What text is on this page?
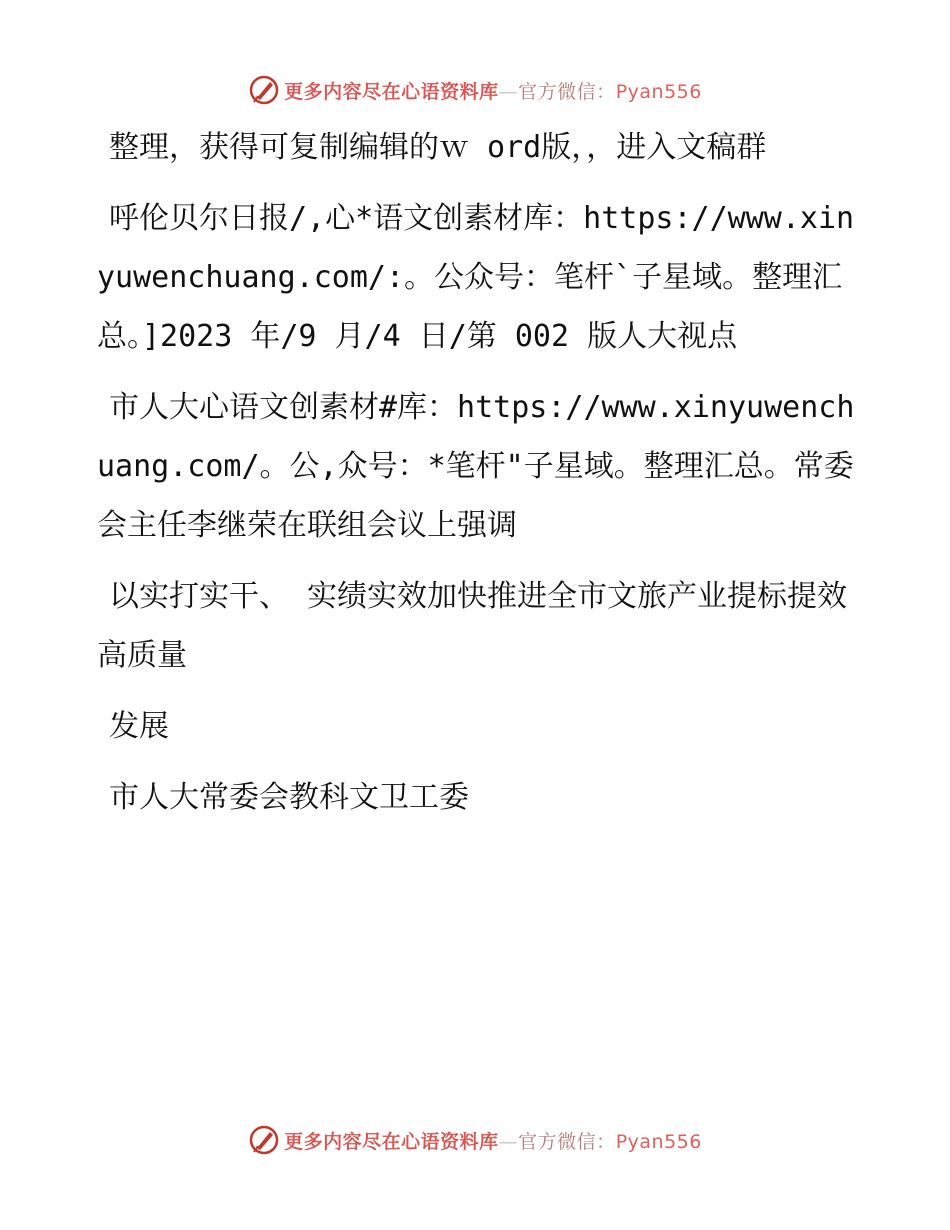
更多内容尽在心语资料库—官方微信：Pyan556

整理，获得可复制编辑的ｗ ord版，，进入文稿群

呼伦贝尔日报/,心*语文创素材库：https://www.xinyuwenchuang.com/:。公众号：笔杆`子星域。整理汇总。]2023 年/9 月/4 日/第 002 版人大视点

市人大心语文创素材#库：https://www.xinyuwenchuang.com/。公,众号：*笔杆"子星域。整理汇总。常委会主任李继荣在联组会议上强调

以实打实干、 实绩实效加快推进全市文旅产业提标提效高质量

发展

市人大常委会教科文卫工委

更多内容尽在心语资料库—官方微信：Pyan556
